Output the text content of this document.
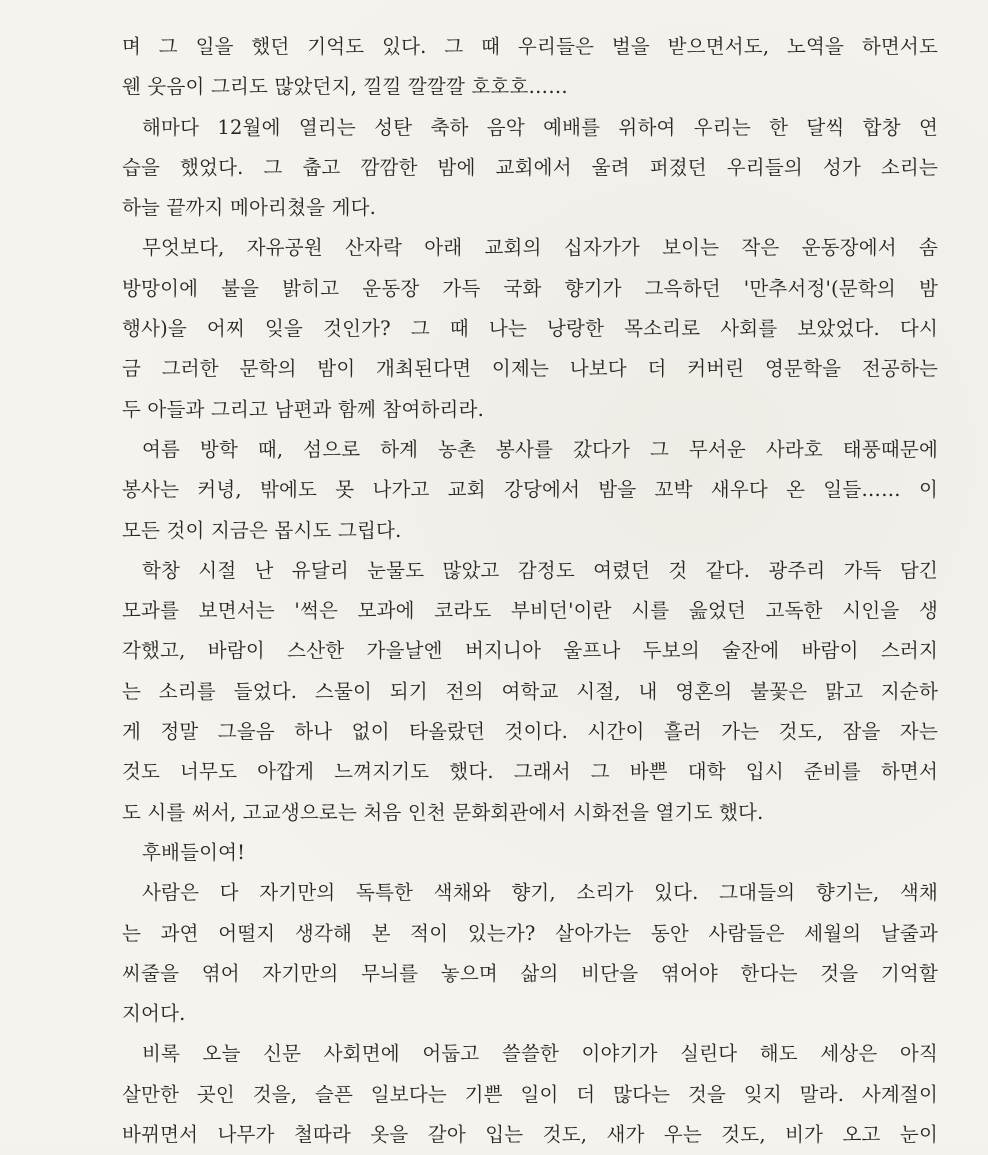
며 그 일을 했던 기억도 있다. 그 때 우리들은 벌을 받으면서도, 노역을 하면서도
웬 웃음이 그리도 많았던지, 낄낄 깔깔깔 호호호……
해마다 12월에 열리는 성탄 축하 음악 예배를 위하여 우리는 한 달씩 합창 연
습을 했었다. 그 춥고 깜깜한 밤에 교회에서 울려 퍼졌던 우리들의 성가 소리는
하늘 끝까지 메아리쳤을 게다.
무엇보다, 자유공원 산자락 아래 교회의 십자가가 보이는 작은 운동장에서 솜
방망이에 불을 밝히고 운동장 가득 국화 향기가 그윽하던 '만추서정'(문학의 밤
행사)을 어찌 잊을 것인가? 그 때 나는 낭랑한 목소리로 사회를 보았었다. 다시
금 그러한 문학의 밤이 개최된다면 이제는 나보다 더 커버린 영문학을 전공하는
두 아들과 그리고 남편과 함께 참여하리라.
여름 방학 때, 섬으로 하계 농촌 봉사를 갔다가 그 무서운 사라호 태풍때문에
봉사는 커녕, 밖에도 못 나가고 교회 강당에서 밤을 꼬박 새우다 온 일들…… 이
모든 것이 지금은 몹시도 그립다.
학창 시절 난 유달리 눈물도 많았고 감정도 여렸던 것 같다. 광주리 가득 담긴
모과를 보면서는 '썩은 모과에 코라도 부비던'이란 시를 읊었던 고독한 시인을 생
각했고, 바람이 스산한 가을날엔 버지니아 울프나 두보의 술잔에 바람이 스러지
는 소리를 들었다. 스물이 되기 전의 여학교 시절, 내 영혼의 불꽃은 맑고 지순하
게 정말 그을음 하나 없이 타올랐던 것이다. 시간이 흘러 가는 것도, 잠을 자는
것도 너무도 아깝게 느껴지기도 했다. 그래서 그 바쁜 대학 입시 준비를 하면서
도 시를 써서, 고교생으로는 처음 인천 문화회관에서 시화전을 열기도 했다.
후배들이여!
사람은 다 자기만의 독특한 색채와 향기, 소리가 있다. 그대들의 향기는, 색채
는 과연 어떨지 생각해 본 적이 있는가? 살아가는 동안 사람들은 세월의 날줄과
씨줄을 엮어 자기만의 무늬를 놓으며 삶의 비단을 엮어야 한다는 것을 기억할
지어다.
비록 오늘 신문 사회면에 어둡고 쓸쓸한 이야기가 실린다 해도 세상은 아직
살만한 곳인 것을, 슬픈 일보다는 기쁜 일이 더 많다는 것을 잊지 말라. 사계절이
바뀌면서 나무가 철따라 옷을 갈아 입는 것도, 새가 우는 것도, 비가 오고 눈이
